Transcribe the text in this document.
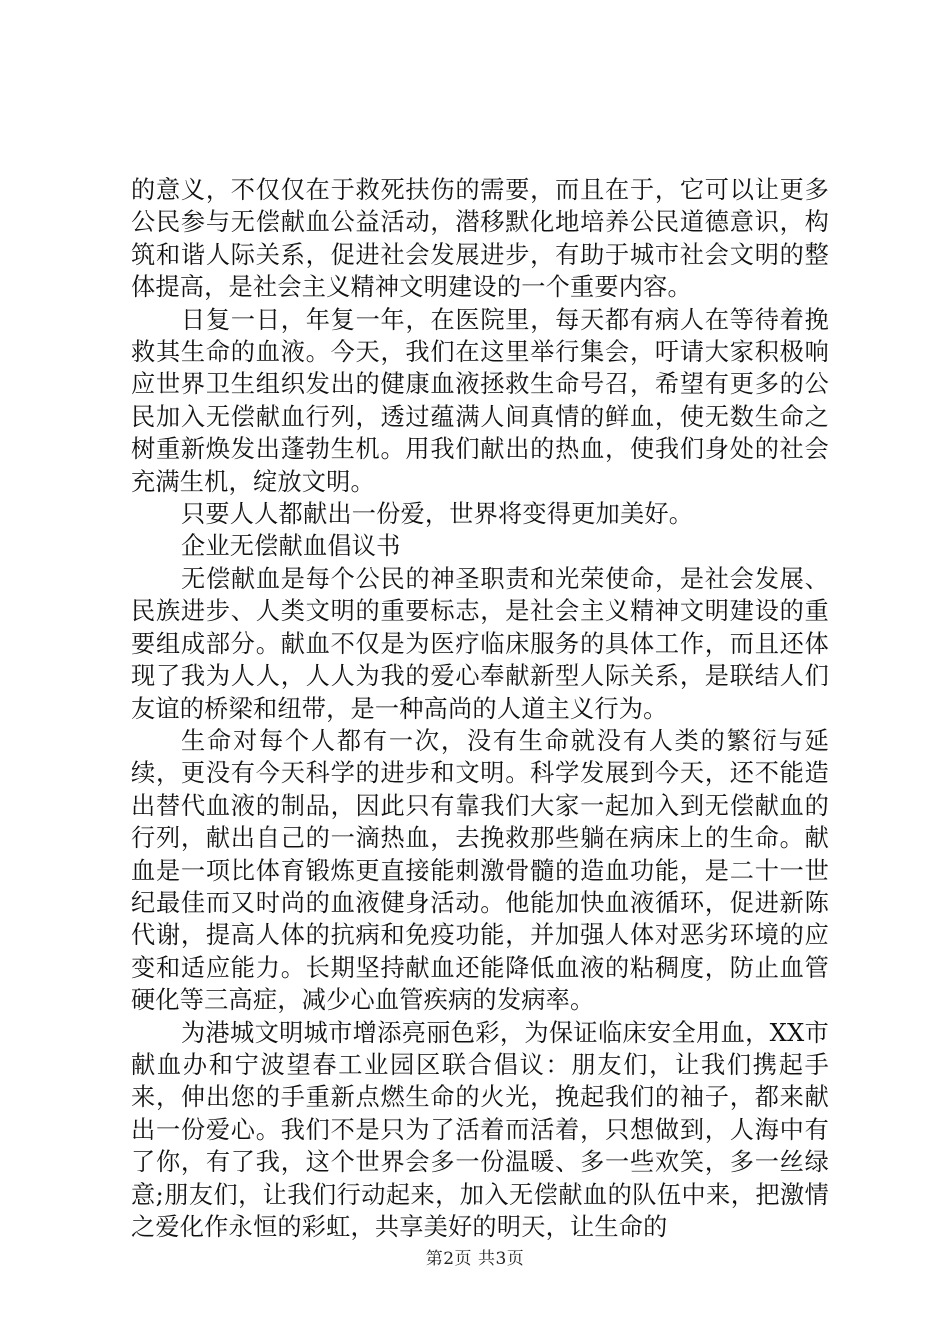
的意义，不仅仅在于救死扶伤的需要，而且在于，它可以让更多公民参与无偿献血公益活动，潜移默化地培养公民道德意识，构筑和谐人际关系，促进社会发展进步，有助于城市社会文明的整体提高，是社会主义精神文明建设的一个重要内容。

日复一日，年复一年，在医院里，每天都有病人在等待着挽救其生命的血液。今天，我们在这里举行集会，吁请大家积极响应世界卫生组织发出的健康血液拯救生命号召，希望有更多的公民加入无偿献血行列，透过蕴满人间真情的鲜血，使无数生命之树重新焕发出蓬勃生机。用我们献出的热血，使我们身处的社会充满生机，绽放文明。

只要人人都献出一份爱，世界将变得更加美好。

企业无偿献血倡议书

无偿献血是每个公民的神圣职责和光荣使命，是社会发展、民族进步、人类文明的重要标志，是社会主义精神文明建设的重要组成部分。献血不仅是为医疗临床服务的具体工作，而且还体现了我为人人，人人为我的爱心奉献新型人际关系，是联结人们友谊的桥梁和纽带，是一种高尚的人道主义行为。

生命对每个人都有一次，没有生命就没有人类的繁衍与延续，更没有今天科学的进步和文明。科学发展到今天，还不能造出替代血液的制品，因此只有靠我们大家一起加入到无偿献血的行列，献出自己的一滴热血，去挽救那些躺在病床上的生命。献血是一项比体育锻炼更直接能刺激骨髓的造血功能，是二十一世纪最佳而又时尚的血液健身活动。他能加快血液循环，促进新陈代谢，提高人体的抗病和免疫功能，并加强人体对恶劣环境的应变和适应能力。长期坚持献血还能降低血液的粘稠度，防止血管硬化等三高症，减少心血管疾病的发病率。

为港城文明城市增添亮丽色彩，为保证临床安全用血，XX市献血办和宁波望春工业园区联合倡议：朋友们，让我们携起手来，伸出您的手重新点燃生命的火光，挽起我们的袖子，都来献出一份爱心。我们不是只为了活着而活着，只想做到，人海中有了你，有了我，这个世界会多一份温暖、多一些欢笑，多一丝绿意;朋友们，让我们行动起来，加入无偿献血的队伍中来，把激情之爱化作永恒的彩虹，共享美好的明天，让生命的

第2页 共3页
